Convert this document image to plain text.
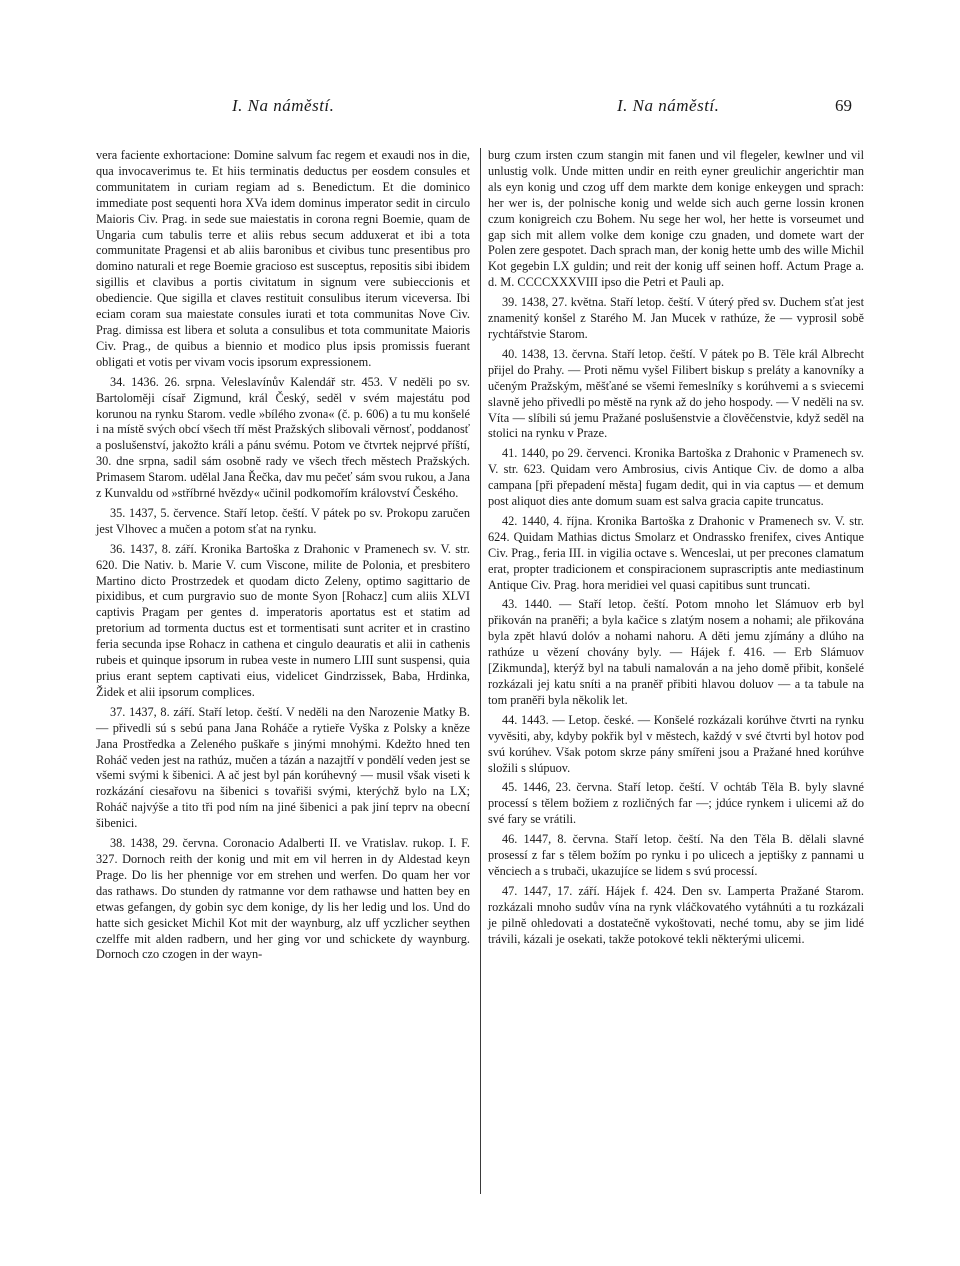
I. Na náměstí.	I. Na náměstí.	69

vera faciente exhortacione: Domine salvum fac regem et exaudi nos in die, qua invocaverimus te. Et hiis terminatis deductus per eosdem consules et communitatem in curiam regiam ad s. Benedictum. Et die dominico immediate post sequenti hora XVa idem dominus imperator sedit in circulo Maioris Civ. Prag. in sede sue maiestatis in corona regni Boemie, quam de Ungaria cum tabulis terre et aliis rebus secum adduxerat et ibi a tota communitate Pragensi et ab aliis baronibus et civibus tunc presentibus pro domino naturali et rege Boemie gracioso est susceptus, repositis sibi ibidem sigillis et clavibus a portis civitatum in signum vere subieccionis et obediencie. Que sigilla et claves restituit consulibus iterum viceversa. Ibi eciam coram sua maiestate consules iurati et tota communitas Nove Civ. Prag. dimissa est libera et soluta a consulibus et tota communitate Maioris Civ. Prag., de quibus a biennio et modico plus ipsis promissis fuerant obligati et votis per vivam vocis ipsorum expressionem.

34. 1436. 26. srpna. Veleslavínův Kalendář str. 453. V neděli po sv. Bartoloměji císař Zigmund, král Český, seděl v svém majestátu pod korunou na rynku Starom. vedle »bílého zvona« (č. p. 606) a tu mu konšelé i na místě svých obcí všech tří měst Pražských slibovali věrnosť, poddanosť a poslušenství, jakožto králi a pánu svému. Potom ve čtvrtek nejprvé příští, 30. dne srpna, sadil sám osobně rady ve všech třech městech Pražských. Primasem Starom. udělal Jana Řečka, dav mu pečeť sám svou rukou, a Jana z Kunvaldu od »stříbrné hvězdy« učinil podkomořím království Českého.

35. 1437, 5. července. Staří letop. čeští. V pátek po sv. Prokopu zaručen jest Vlhovec a mučen a potom sťat na rynku.

36. 1437, 8. září. Kronika Bartoška z Drahonic v Pramenech sv. V. str. 620. Die Nativ. b. Marie V. cum Viscone, milite de Polonia, et presbitero Martino dicto Prostrzedek et quodam dicto Zeleny, optimo sagittario de pixidibus, et cum purgravio suo de monte Syon [Rohacz] cum aliis XLVI captivis Pragam per gentes d. imperatoris aportatus est et statim ad pretorium ad tormenta ductus est et tormentisati sunt acriter et in crastino feria secunda ipse Rohacz in cathena et cingulo deauratis et alii in cathenis rubeis et quinque ipsorum in rubea veste in numero LIII sunt suspensi, quia prius erant septem captivati eius, videlicet Gindrzissek, Baba, Hrdinka, Židek et alii ipsorum complices.

37. 1437, 8. září. Staří letop. čeští. V neděli na den Narozenie Matky B. — přivedli sú s sebú pana Jana Roháče a rytieře Vyška z Polsky a kněze Jana Prostředka a Zeleného puškaře s jinými mnohými. Kdežto hned ten Roháč veden jest na rathúz, mučen a tázán a nazajtří v pondělí veden jest se všemi svými k šibenici. A ač jest byl pán korúhevný — musil však viseti k rozkázání ciesařovu na šibenici s tovařiši svými, kterýchž bylo na LX; Roháč najvýše a tito tři pod ním na jiné šibenici a pak jiní teprv na obecní šibenici.

38. 1438, 29. června. Coronacio Adalberti II. ve Vratislav. rukop. I. F. 327. Dornoch reith der konig und mit em vil herren in dy Aldestad keyn Prage. Do lis her phennige vor em strehen und werfen. Do quam her vor das rathaws. Do stunden dy ratmanne vor dem rathawse und hatten bey en etwas gefangen, dy gobin syc dem konige, dy lis her ledig und los. Und do hatte sich gesicket Michil Kot mit der waynburg, alz uff yczlicher seythen czelffe mit alden radbern, und her ging vor und schickete dy waynburg. Dornoch czo czogen in der wayn-

burg czum irsten czum stangin mit fanen und vil flegeler, kewlner und vil unlustig volk. Unde mitten undir en reith eyner greulichir angerichtir man als eyn konig und czog uff dem markte dem konige enkeygen und sprach: her wer is, der polnische konig und welde sich auch gerne lossin kronen czum konigreich czu Bohem. Nu sege her wol, her hette is vorseumet und gap sich mit allem volke dem konige czu gnaden, und domete wart der Polen zere gespotet. Dach sprach man, der konig hette umb des wille Michil Kot gegebin LX guldin; und reit der konig uff seinen hoff. Actum Prage a. d. M. CCCCXXXVIII ipso die Petri et Pauli ap.

39. 1438, 27. května. Staří letop. čeští. V úterý před sv. Duchem sťat jest znamenitý konšel z Starého M. Jan Mucek v rathúze, že — vyprosil sobě rychtářstvie Starom.

40. 1438, 13. června. Staří letop. čeští. V pátek po B. Těle král Albrecht přijel do Prahy. — Proti němu vyšel Filibert biskup s preláty a kanovníky a učeným Pražským, měšťané se všemi řemeslníky s korúhvemi a s sviecemi slavně jeho přivedli po městě na rynk až do jeho hospody. — V neděli na sv. Víta — slíbili sú jemu Pražané poslušenstvie a člověčenstvie, když seděl na stolici na rynku v Praze.

41. 1440, po 29. červenci. Kronika Bartoška z Drahonic v Pramenech sv. V. str. 623. Quidam vero Ambrosius, civis Antique Civ. de domo a alba campana [při přepadení města] fugam dedit, qui in via captus — et demum post aliquot dies ante domum suam est salva gracia capite truncatus.

42. 1440, 4. října. Kronika Bartoška z Drahonic v Pramenech sv. V. str. 624. Quidam Mathias dictus Smolarz et Ondrassko frenifex, cives Antique Civ. Prag., feria III. in vigilia octave s. Wenceslai, ut per precones clamatum erat, propter tradicionem et conspiracionem suprascriptis ante mediastinum Antique Civ. Prag. hora meridiei vel quasi capitibus sunt truncati.

43. 1440. — Staří letop. čeští. Potom mnoho let Slámuov erb byl přikován na praněři; a byla kačice s zlatým nosem a nohami; ale přikována byla zpět hlavú dolóv a nohami nahoru. A děti jemu zjímány a dlúho na rathúze u vězení chovány byly. — Hájek f. 416. — Erb Slámuov [Zikmunda], kterýž byl na tabuli namalován a na jeho domě přibit, konšelé rozkázali jej katu sníti a na praněř přibiti hlavou doluov — a ta tabule na tom praněři byla několik let.

44. 1443. — Letop. české. — Konšelé rozkázali korúhve čtvrti na rynku vyvěsiti, aby, kdyby pokřik byl v městech, každý v své čtvrti byl hotov pod svú korúhev. Však potom skrze pány smířeni jsou a Pražané hned korúhve složili s slúpuov.

45. 1446, 23. června. Staří letop. čeští. V ochtáb Těla B. byly slavné processí s tělem božiem z rozličných far —; jdúce rynkem i ulicemi až do své fary se vrátili.

46. 1447, 8. června. Staří letop. čeští. Na den Těla B. dělali slavné prosessí z far s tělem božím po rynku i po ulicech a jeptišky z pannami u věnciech a s trubači, ukazujíce se lidem s svú processí.

47. 1447, 17. září. Hájek f. 424. Den sv. Lamperta Pražané Starom. rozkázali mnoho sudův vína na rynk vláčkovatého vytáhnúti a tu rozkázali je pilně ohledovati a dostatečně vykoštovati, neché tomu, aby se jim lidé trávili, kázali je osekati, takže potokové tekli některými ulicemi.
